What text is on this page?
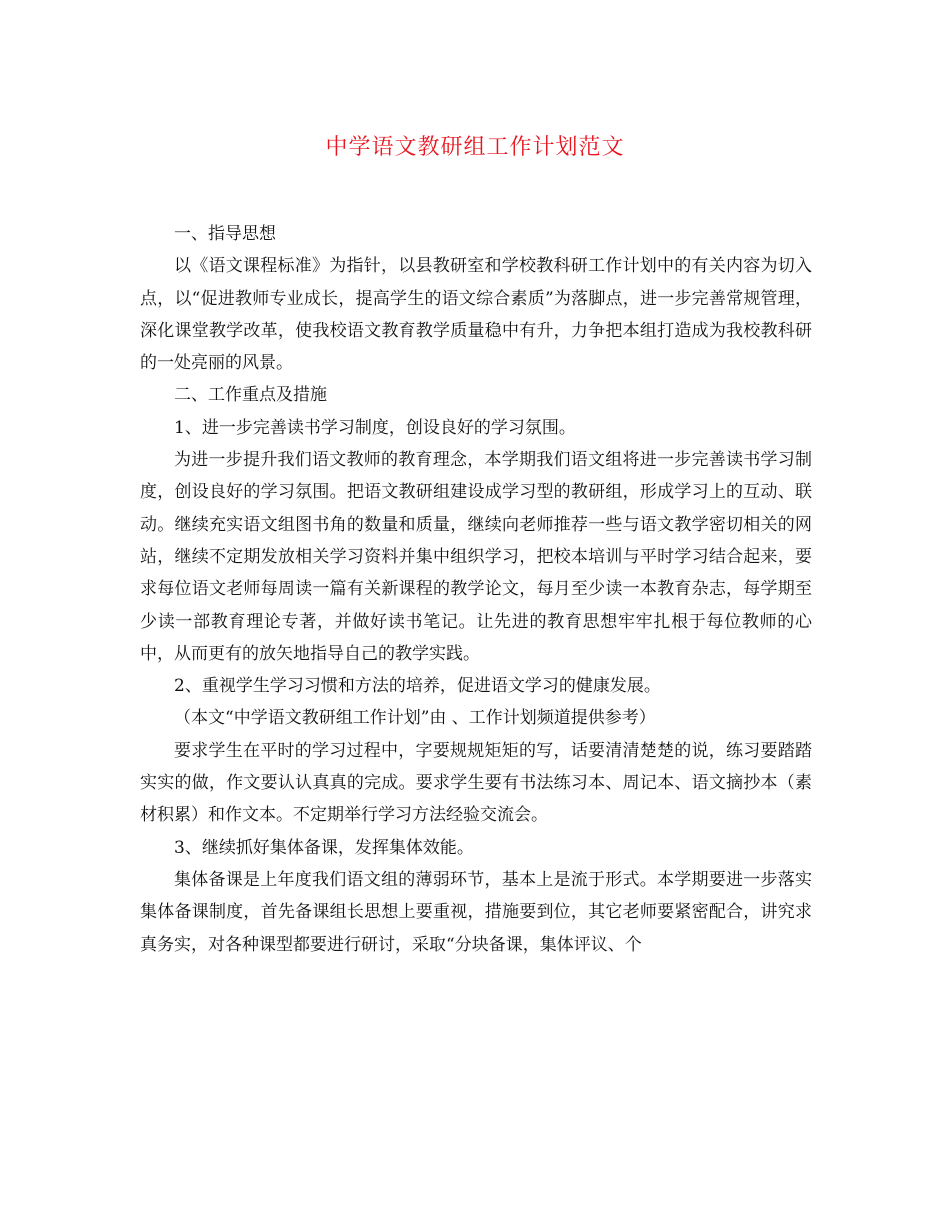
中学语文教研组工作计划范文

一、指导思想

以《语文课程标准》为指针，以县教研室和学校教科研工作计划中的有关内容为切入点，以“促进教师专业成长，提高学生的语文综合素质”为落脚点，进一步完善常规管理，深化课堂教学改革，使我校语文教育教学质量稳中有升，力争把本组打造成为我校教科研的一处亮丽的风景。

二、工作重点及措施

1、进一步完善读书学习制度，创设良好的学习氛围。

为进一步提升我们语文教师的教育理念，本学期我们语文组将进一步完善读书学习制度，创设良好的学习氛围。把语文教研组建设成学习型的教研组，形成学习上的互动、联动。继续充实语文组图书角的数量和质量，继续向老师推荐一些与语文教学密切相关的网站，继续不定期发放相关学习资料并集中组织学习，把校本培训与平时学习结合起来，要求每位语文老师每周读一篇有关新课程的教学论文，每月至少读一本教育杂志，每学期至少读一部教育理论专著，并做好读书笔记。让先进的教育思想牢牢扎根于每位教师的心中，从而更有的放矢地指导自己的教学实践。

2、重视学生学习习惯和方法的培养，促进语文学习的健康发展。

（本文“中学语文教研组工作计划”由 、工作计划频道提供参考）

要求学生在平时的学习过程中，字要规规矩矩的写，话要清清楚楚的说，练习要踏踏实实的做，作文要认认真真的完成。要求学生要有书法练习本、周记本、语文摘抄本（素材积累）和作文本。不定期举行学习方法经验交流会。

3、继续抓好集体备课，发挥集体效能。

集体备课是上年度我们语文组的薄弱环节，基本上是流于形式。本学期要进一步落实集体备课制度，首先备课组长思想上要重视，措施要到位，其它老师要紧密配合，讲究求真务实，对各种课型都要进行研讨，采取“分块备课，集体评议、个
